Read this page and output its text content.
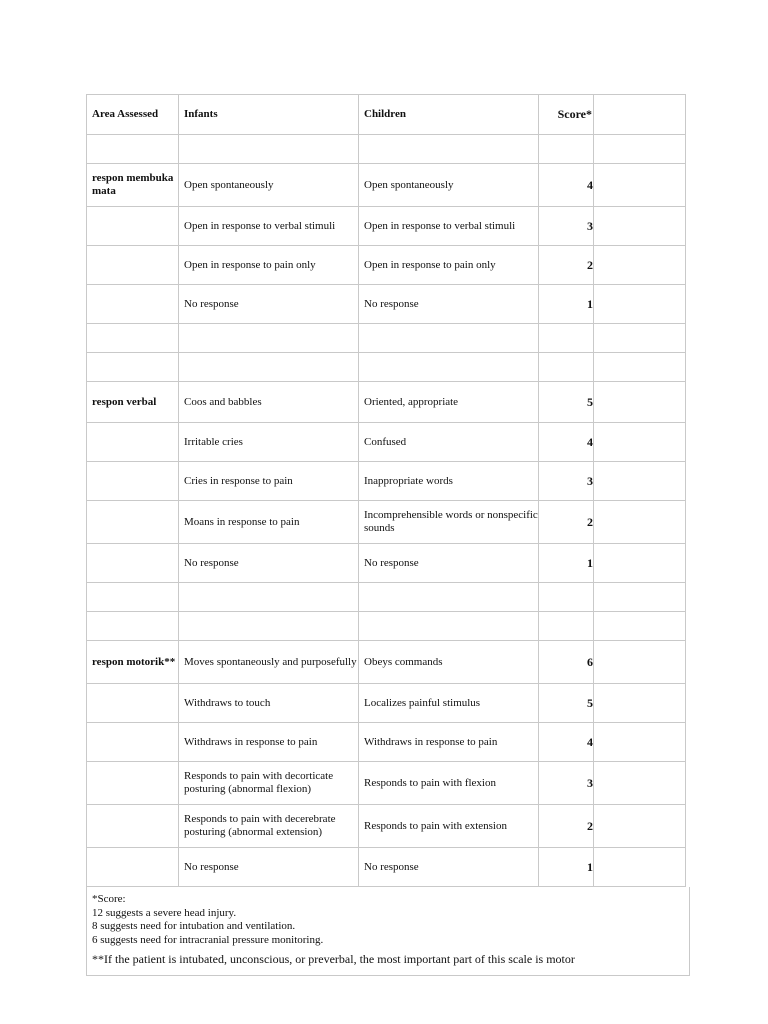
Area Assessed	Infants	Children	Score*	

respon membuka mata	Open spontaneously	Open spontaneously	4	
	Open in response to verbal stimuli	Open in response to verbal stimuli	3	
	Open in response to pain only	Open in response to pain only	2	
	No response	No response	1	

respon verbal	Coos and babbles	Oriented, appropriate	5	
	Irritable cries	Confused	4	
	Cries in response to pain	Inappropriate words	3	
	Moans in response to pain	Incomprehensible words or nonspecific sounds	2	
	No response	No response	1	

respon motorik**	Moves spontaneously and purposefully	Obeys commands	6	
	Withdraws to touch	Localizes painful stimulus	5	
	Withdraws in response to pain	Withdraws in response to pain	4	
	Responds to pain with decorticate posturing (abnormal flexion)	Responds to pain with flexion	3	
	Responds to pain with decerebrate posturing (abnormal extension)	Responds to pain with extension	2	
	No response	No response	1	
*Score:
12 suggests a severe head injury.
8 suggests need for intubation and ventilation.
6 suggests need for intracranial pressure monitoring.
**If the patient is intubated, unconscious, or preverbal, the most important part of this scale is motor
